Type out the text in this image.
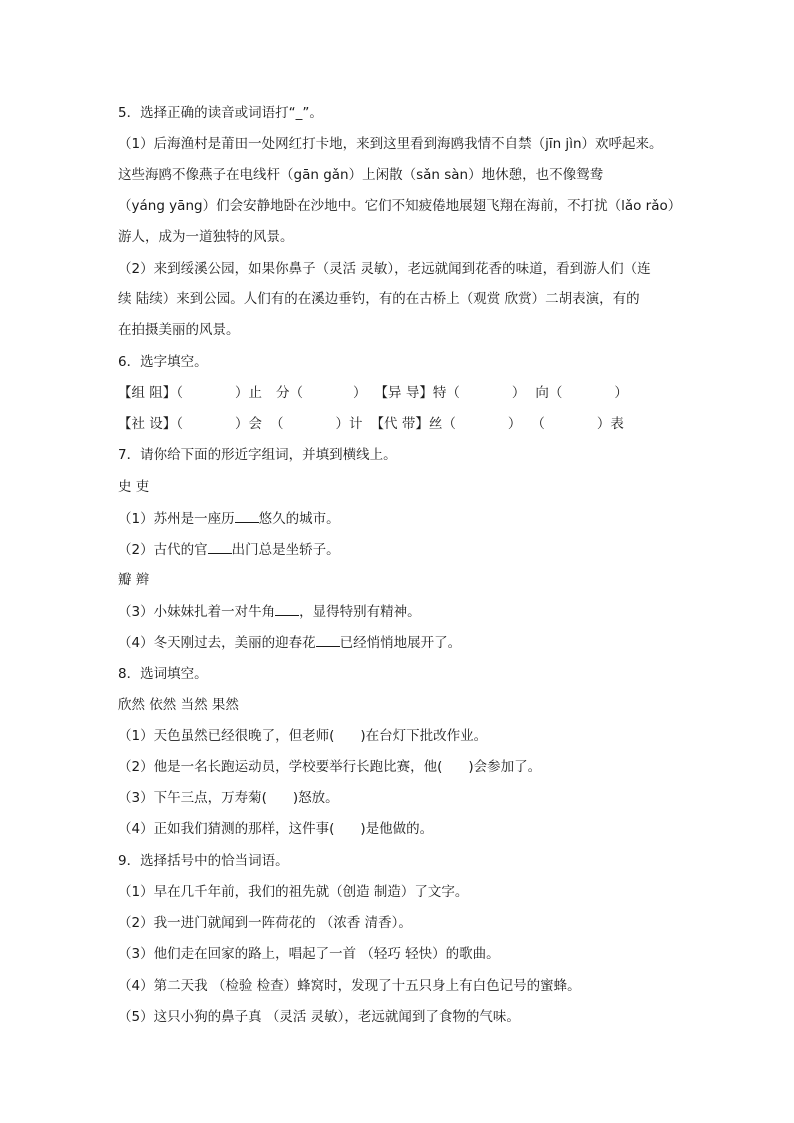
5．选择正确的读音或词语打“_”。
（1）后海渔村是莆田一处网红打卡地，来到这里看到海鸥我情不自禁（jīn jìn）欢呼起来。
这些海鸥不像燕子在电线杆（gān gǎn）上闲散（sǎn sàn）地休憩，也不像鸳鸯
（yáng yāng）们会安静地卧在沙地中。它们不知疲倦地展翅飞翔在海前，不打扰（lǎo rǎo）
游人，成为一道独特的风景。
（2）来到绥溪公园，如果你鼻子（灵活 灵敏），老远就闻到花香的味道，看到游人们（连
续 陆续）来到公园。人们有的在溪边垂钓，有的在古桥上（观赏 欣赏）二胡表演，有的
在拍摄美丽的风景。
6．选字填空。
【组 阻】（	）止 分（	） 【异 导】特（	） 向（	）
【社 设】（	）会 （	）计 【代 带】丝（	） （	）表
7．请你给下面的形近字组词，并填到横线上。
史 吏
（1）苏州是一座历 悠久的城市。
（2）古代的官 出门总是坐轿子。
瓣 辫
（3）小妹妹扎着一对牛角 ，显得特别有精神。
（4）冬天刚过去，美丽的迎春花 已经悄悄地展开了。
8．选词填空。
欣然 依然 当然 果然
（1）天色虽然已经很晚了，但老师( )在台灯下批改作业。
（2）他是一名长跑运动员，学校要举行长跑比赛，他( )会参加了。
（3）下午三点，万寿菊( )怒放。
（4）正如我们猜测的那样，这件事( )是他做的。
9．选择括号中的恰当词语。
（1）早在几千年前，我们的祖先就（创造 制造）了文字。
（2）我一进门就闻到一阵荷花的 （浓香 清香）。
（3）他们走在回家的路上，唱起了一首 （轻巧 轻快）的歌曲。
（4）第二天我 （检验 检查）蜂窝时，发现了十五只身上有白色记号的蜜蜂。
（5）这只小狗的鼻子真 （灵活 灵敏），老远就闻到了食物的气味。
